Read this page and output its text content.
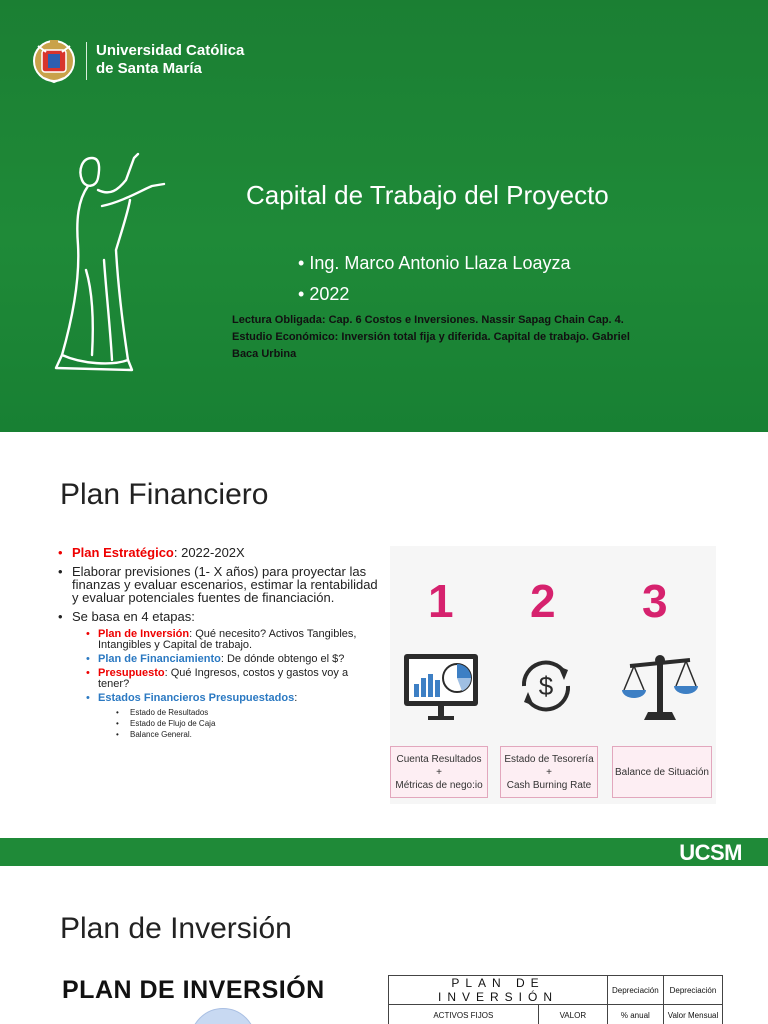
Universidad Católica
de Santa María
Capital de Trabajo del Proyecto
• Ing. Marco Antonio Llaza Loayza
• 2022
Lectura Obligada: Cap. 6 Costos e Inversiones. Nassir Sapag Chain Cap. 4. Estudio Económico: Inversión total fija y diferida. Capital de trabajo. Gabriel Baca Urbina
Plan Financiero
• Plan Estratégico: 2022-202X
• Elaborar previsiones (1- X años) para proyectar las finanzas y evaluar escenarios, estimar la rentabilidad y evaluar potenciales fuentes de financiación.
• Se basa en 4 etapas:
• Plan de Inversión: Qué necesito? Activos Tangibles, Intangibles y Capital de trabajo.
• Plan de Financiamiento: De dónde obtengo el $?
• Presupuesto: Qué Ingresos, costos y gastos voy a tener?
• Estados Financieros Presupuestados:
• Estado de Resultados
• Estado de Flujo de Caja
• Balance General.
1 2 3
$
Cuenta Resultados
+
Métricas de nego:io
Estado de Tesorería
+
Cash Burning Rate
Balance de Situación
UCSM
Plan de Inversión
PLAN DE INVERSIÓN	PLAN DE INVERSIÓN		Depreciación	Depreciación
ACTIVOS FIJOS	VALOR	% anual	Valor Mensual
